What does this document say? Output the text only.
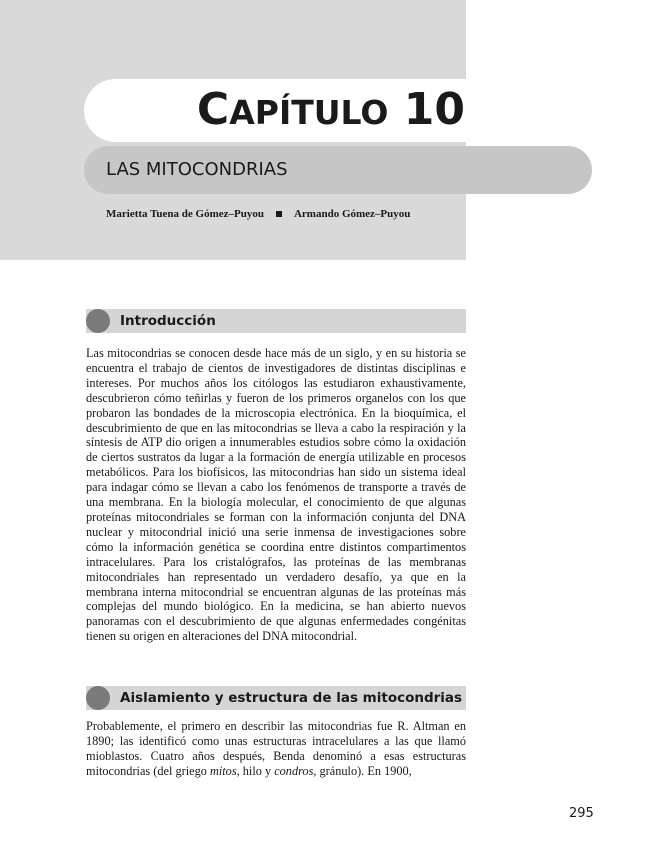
CAPÍTULO 10
LAS MITOCONDRIAS
Marietta Tuena de Gómez–Puyou	Armando Gómez–Puyou
Introducción

Las mitocondrias se conocen desde hace más de un siglo, y en su historia se encuentra el trabajo de cientos de investigadores de distintas disciplinas e intereses. Por muchos años los citólogos las estudiaron exhaustivamente, descubrieron cómo teñirlas y fueron de los primeros organelos con los que probaron las bondades de la microscopia electrónica. En la bioquímica, el descubrimiento de que en las mitocondrias se lleva a cabo la respiración y la síntesis de ATP dio origen a innumerables estudios sobre cómo la oxidación de ciertos sustratos da lugar a la formación de energía utilizable en procesos metabólicos. Para los biofísicos, las mitocondrias han sido un sistema ideal para indagar cómo se llevan a cabo los fenómenos de transporte a través de una membrana. En la biología molecular, el conocimiento de que algunas proteínas mitocondriales se forman con la información conjunta del DNA nuclear y mitocondrial inició una serie inmensa de investigaciones sobre cómo la información genética se coordina entre distintos compartimentos intracelulares. Para los cristalógrafos, las proteínas de las membranas mitocondriales han representado un verdadero desafío, ya que en la membrana interna mitocondrial se encuentran algunas de las proteínas más complejas del mundo biológico. En la medicina, se han abierto nuevos panoramas con el descubrimiento de que algunas enfermedades congénitas tienen su origen en alteraciones del DNA mitocondrial.

Aislamiento y estructura de las mitocondrias

Probablemente, el primero en describir las mitocondrias fue R. Altman en 1890; las identificó como unas estructuras intracelulares a las que llamó mioblastos. Cuatro años después, Benda denominó a esas estructuras mitocondrias (del griego mitos, hilo y condros, gránulo). En 1900,

295
